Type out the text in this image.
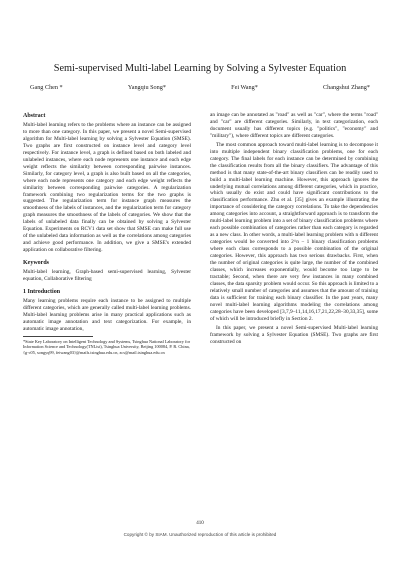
Semi-supervised Multi-label Learning by Solving a Sylvester Equation
Gang Chen *	Yangqiu Song*	Fei Wang*	Changshui Zhang*
Abstract

Multi-label learning refers to the problems where an instance can be assigned to more than one category. In this paper, we present a novel Semi-supervised algorithm for Multi-label learning by solving a Sylvester Equation (SMSE). Two graphs are first constructed on instance level and category level respectively. For instance level, a graph is defined based on both labeled and unlabeled instances, where each node represents one instance and each edge weight reflects the similarity between corresponding pairwise instances. Similarly, for category level, a graph is also built based on all the categories, where each node represents one category and each edge weight reflects the similarity between corresponding pairwise categories. A regularization framework combining two regularization terms for the two graphs is suggested. The regularization term for instance graph measures the smoothness of the labels of instances, and the regularization term for category graph measures the smoothness of the labels of categories. We show that the labels of unlabeled data finally can be obtained by solving a Sylvester Equation. Experiments on RCV1 data set show that SMSE can make full use of the unlabeled data information as well as the correlations among categories and achieve good performance. In addition, we give a SMSE's extended application on collaborative filtering.

Keywords

Multi-label learning, Graph-based semi-supervised learning, Sylvester equation, Collaborative filtering

1 Introduction

Many learning problems require each instance to be assigned to multiple different categories, which are generally called multi-label learning problems. Multi-label learning problems arise in many practical applications such as automatic image annotation and text categorization. For example, in automatic image annotation,

*State Key Laboratory on Intelligent Technology and Systems, Tsinghua National Laboratory for Information Science and Technology(TNList), Tsinghua University, Beijing 100084, P. R. China, {g-c05, songyq99, feiwang03}@mails.tsinghua.edu.cn, zcs@mail.tsinghua.edu.cn

an image can be annotated as "road" as well as "car", where the terms "road" and "car" are different categories. Similarly, in text categorization, each document usually has different topics (e.g. "politics", "economy" and "military"), where different topics are different categories.

The most common approach toward multi-label learning is to decompose it into multiple independent binary classification problems, one for each category. The final labels for each instance can be determined by combining the classification results from all the binary classifiers. The advantage of this method is that many state-of-the-art binary classifiers can be readily used to build a multi-label learning machine. However, this approach ignores the underlying mutual correlations among different categories, which in practice, which usually do exist and could have significant contributions to the classification performance. Zhu et al. [35] gives an example illustrating the importance of considering the category correlations. To take the dependencies among categories into account, a straightforward approach is to transform the multi-label learning problem into a set of binary classification problems where each possible combination of categories rather than each category is regarded as a new class. In other words, a multi-label learning problem with n different categories would be converted into 2^n − 1 binary classification problems where each class corresponds to a possible combination of the original categories. However, this approach has two serious drawbacks. First, when the number of original categories is quite large, the number of the combined classes, which increases exponentially, would become too large to be tractable; Second, when there are very few instances in many combined classes, the data sparsity problem would occur. So this approach is limited to a relatively small number of categories and assumes that the amount of training data is sufficient for training each binary classifier. In the past years, many novel multi-label learning algorithms modeling the correlations among categories have been developed [3,7,9–11,14,16,17,21,22,28–30,33,35], some of which will be introduced briefly in Section 2.

In this paper, we present a novel Semi-supervised Multi-label learning framework by solving a Sylvester Equation (SMSE). Two graphs are first constructed on

410
Copyright © by SIAM. Unauthorized reproduction of this article is prohibited
